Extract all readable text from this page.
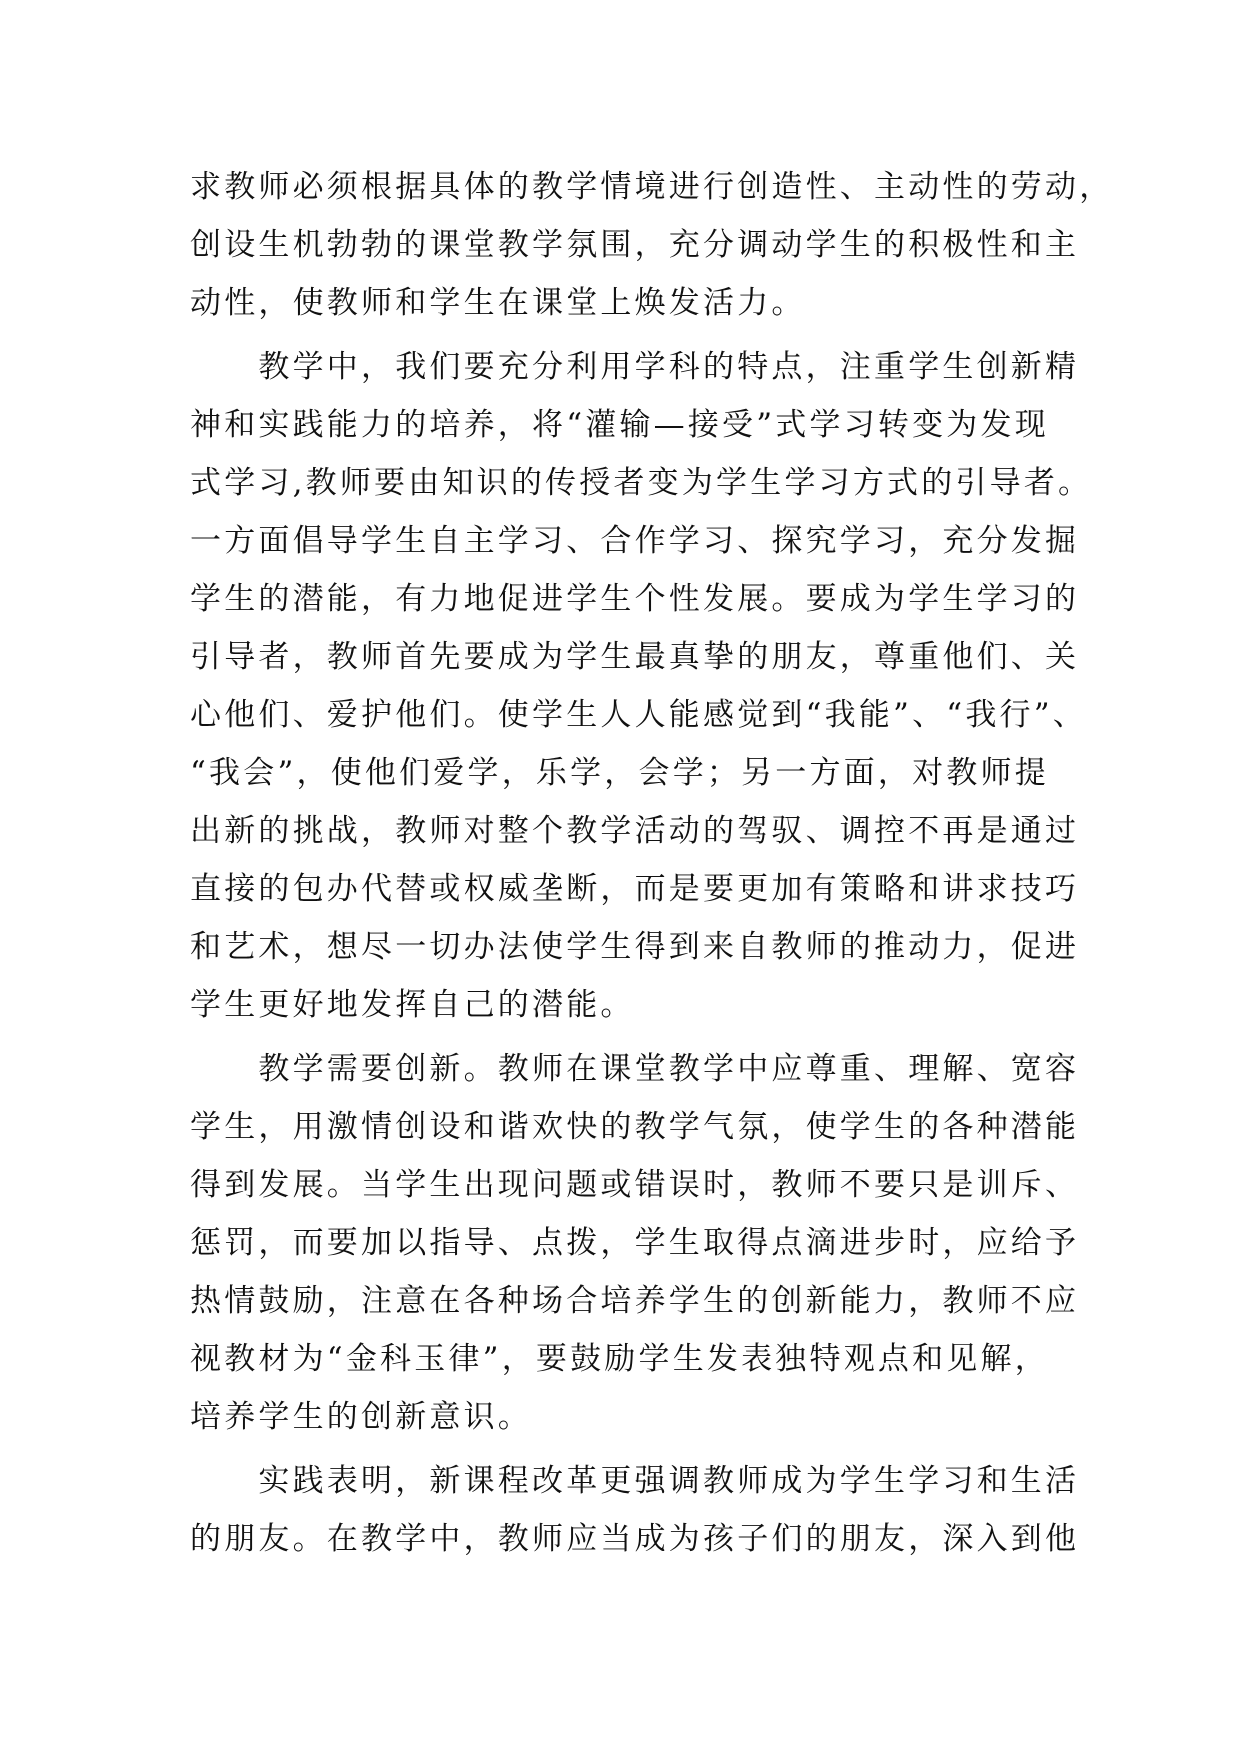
求教师必须根据具体的教学情境进行创造性、主动性的劳动，
创设生机勃勃的课堂教学氛围，充分调动学生的积极性和主
动性，使教师和学生在课堂上焕发活力。
　　教学中，我们要充分利用学科的特点，注重学生创新精
神和实践能力的培养，将“灌输—接受”式学习转变为发现
式学习,教师要由知识的传授者变为学生学习方式的引导者。
一方面倡导学生自主学习、合作学习、探究学习，充分发掘
学生的潜能，有力地促进学生个性发展。要成为学生学习的
引导者，教师首先要成为学生最真挚的朋友，尊重他们、关
心他们、爱护他们。使学生人人能感觉到“我能”、“我行”、
“我会”，使他们爱学，乐学，会学；另一方面，对教师提
出新的挑战，教师对整个教学活动的驾驭、调控不再是通过
直接的包办代替或权威垄断，而是要更加有策略和讲求技巧
和艺术，想尽一切办法使学生得到来自教师的推动力，促进
学生更好地发挥自己的潜能。
　　教学需要创新。教师在课堂教学中应尊重、理解、宽容
学生，用激情创设和谐欢快的教学气氛，使学生的各种潜能
得到发展。当学生出现问题或错误时，教师不要只是训斥、
惩罚，而要加以指导、点拨，学生取得点滴进步时，应给予
热情鼓励，注意在各种场合培养学生的创新能力，教师不应
视教材为“金科玉律”，要鼓励学生发表独特观点和见解，
培养学生的创新意识。
　　实践表明，新课程改革更强调教师成为学生学习和生活
的朋友。在教学中，教师应当成为孩子们的朋友，深入到他
